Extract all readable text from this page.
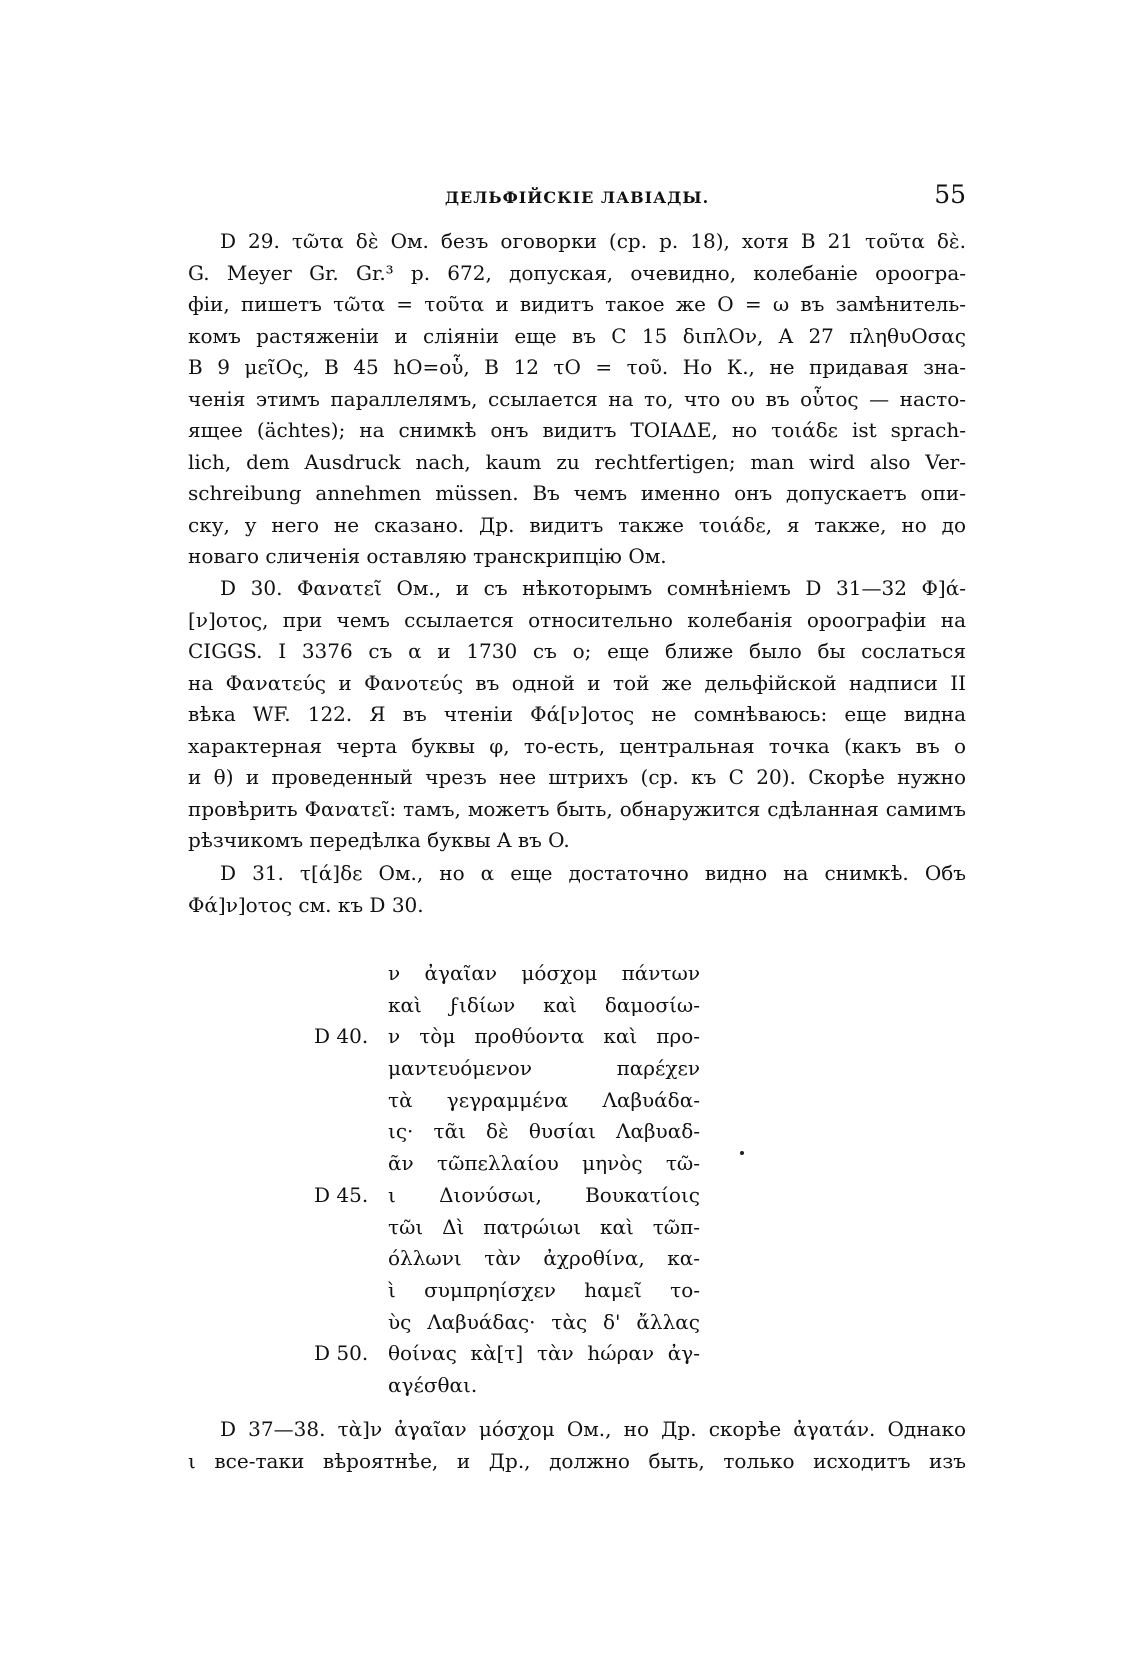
ДЕЛЬФІЙСКІЕ ЛАВІАДЫ.	55

D 29. τῶτα δὲ Ом. безъ оговорки (ср. р. 18), хотя B 21 τοῦτα δὲ.
G. Meyer Gr. Gr.³ p. 672, допуская, очевидно, колебаніе ороогра-
фіи, пишетъ τῶτα = τοῦτα и видитъ такое же O = ω въ замѣнитель-
комъ растяженіи и сліяніи еще въ C 15 διπλΟν, A 27 πληθυΟσας
B 9 μεῖΟς, B 45 hΟ=οὗ, B 12 τΟ = τοῦ. Но К., не придавая зна-
ченія этимъ параллелямъ, ссылается на то, что ου въ οὗτος — насто-
ящее (ächtes); на снимкѣ онъ видитъ ΤΟΙΑΔΕ, но τοιάδε ist sprach-
lich, dem Ausdruck nach, kaum zu rechtfertigen; man wird also Ver-
schreibung annehmen müssen. Въ чемъ именно онъ допускаетъ опи-
ску, у него не сказано. Др. видитъ также τοιάδε, я также, но до
новаго сличенія оставляю транскрипцію Ом.

D 30. Φανατεῖ Ом., и съ нѣкоторымъ сомнѣніемъ D 31—32 Φ]ά-
[ν]οτος, при чемъ ссылается относительно колебанія ороографіи на
CIGGS. I 3376 съ α и 1730 съ ο; еще ближе было бы сослаться
на Φανατεύς и Φανοτεύς въ одной и той же дельфійской надписи II
вѣка WF. 122. Я въ чтеніи Φά[ν]οτος не сомнѣваюсь: еще видна
характерная черта буквы φ, то-есть, центральная точка (какъ въ ο
и θ) и проведенный чрезъ нее штрихъ (ср. къ C 20). Скорѣе нужно
провѣрить Φανατεῖ: тамъ, можетъ быть, обнаружится сдѣланная самимъ
рѣзчикомъ передѣлка буквы A въ O.

D 31. τ[ά]δε Ом., но α еще достаточно видно на снимкѣ. Объ
Φά]ν]οτος см. къ D 30.

ν ἀγαῖαν μόσχομ πάντων
καὶ ϝιδίων καὶ δαμοσίω-
D 40. ν τὸμ προθύοντα καὶ προ-
μαντευόμενον παρέχεν
τὰ γεγραμμένα Λαβυάδα-
ις· τᾶι δὲ θυσίαι Λαβυαδ-
ᾶν τῶπελλαίου μηνὸς τῶ-
D 45. ι Διονύσωι, Βουκατίοις
τῶι Δὶ πατρώιωι καὶ τῶπ-
όλλωνι τὰν ἀχροθίνα, κα-
ὶ συμπρηίσχεν hαμεῖ το-
ὺς Λαβυάδας· τὰς δ' ἄλλας
D 50. θοίνας κὰ[τ] τὰν hώραν ἀγ-
αγέσθαι.

D 37—38. τὰ]ν ἀγαῖαν μόσχομ Ом., но Др. скорѣе ἀγατάν. Однако
ι все-таки вѣроятнѣе, и Др., должно быть, только исходитъ изъ
